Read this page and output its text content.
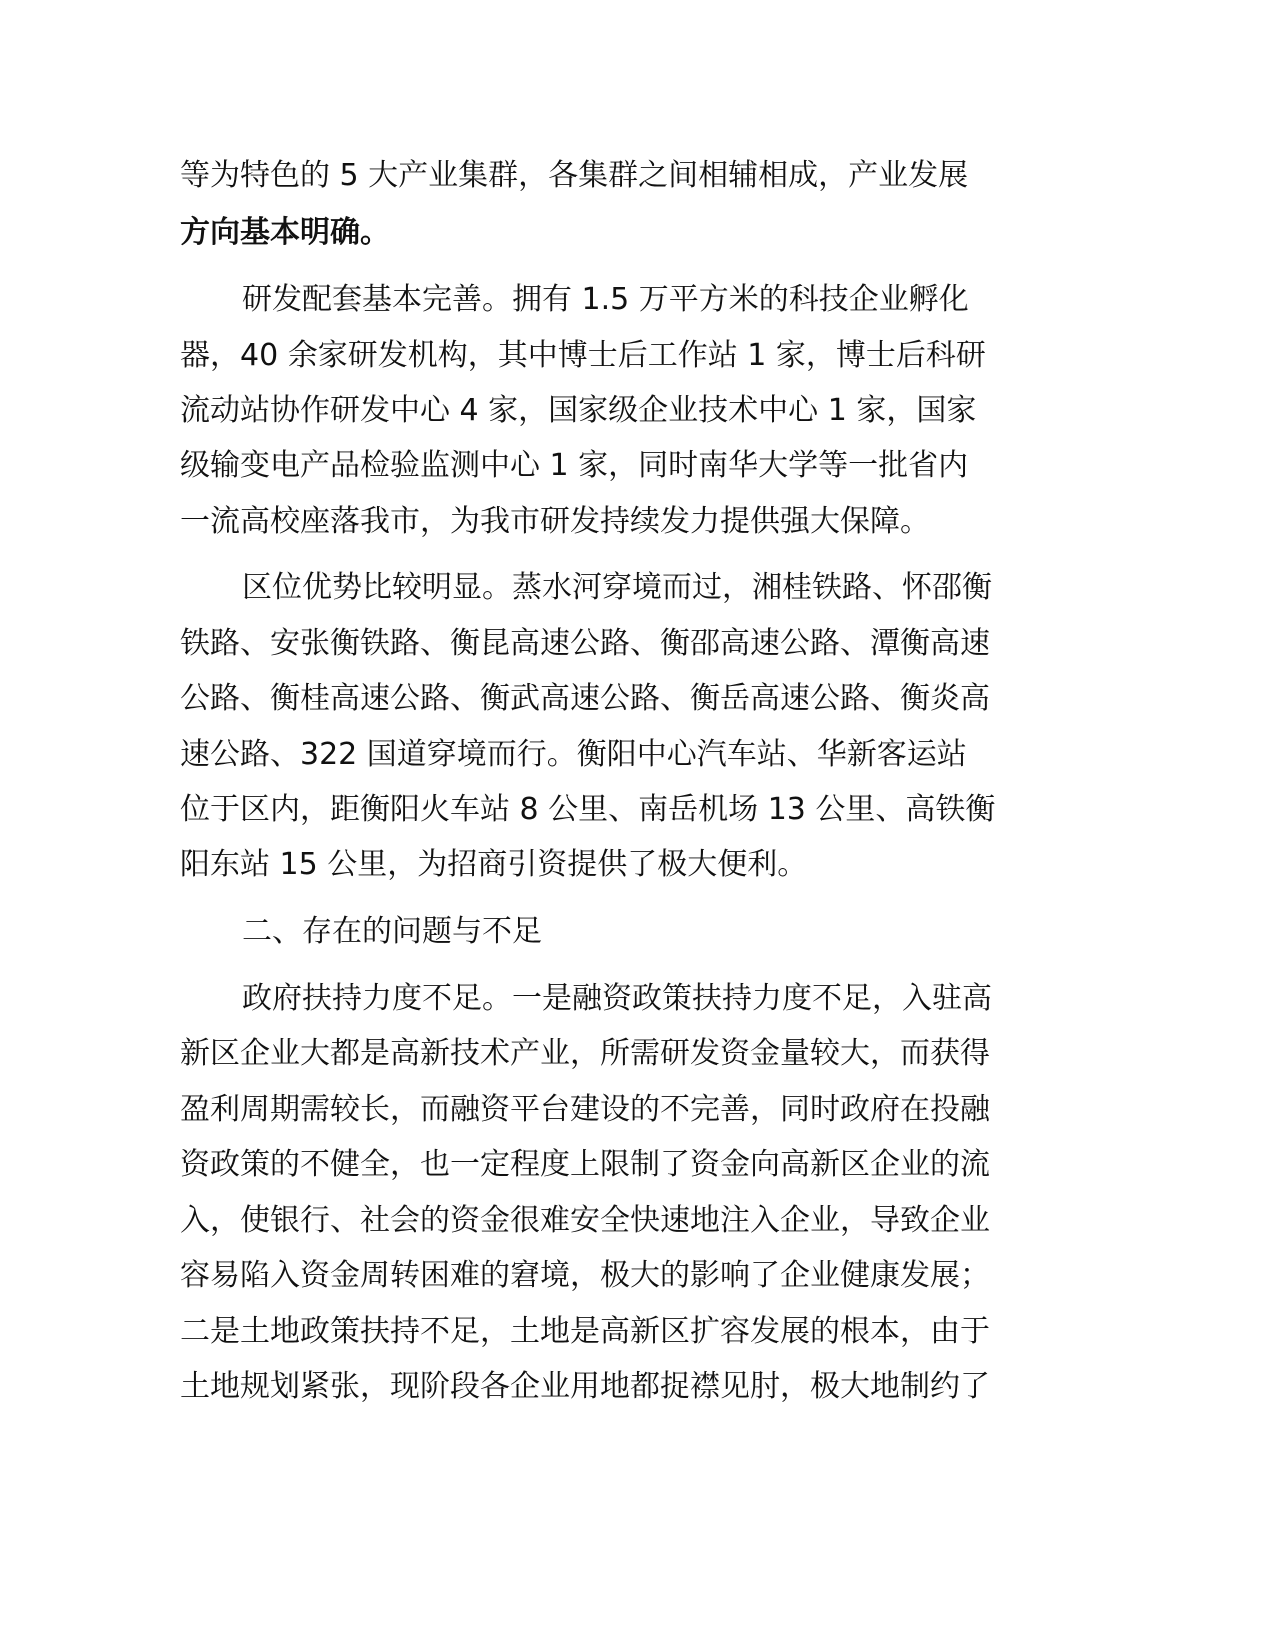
等为特色的 5 大产业集群，各集群之间相辅相成，产业发展
方向基本明确。
研发配套基本完善。拥有 1.5 万平方米的科技企业孵化
器，40 余家研发机构，其中博士后工作站 1 家，博士后科研
流动站协作研发中心 4 家，国家级企业技术中心 1 家，国家
级输变电产品检验监测中心 1 家，同时南华大学等一批省内
一流高校座落我市，为我市研发持续发力提供强大保障。
区位优势比较明显。蒸水河穿境而过，湘桂铁路、怀邵衡
铁路、安张衡铁路、衡昆高速公路、衡邵高速公路、潭衡高速
公路、衡桂高速公路、衡武高速公路、衡岳高速公路、衡炎高
速公路、322 国道穿境而行。衡阳中心汽车站、华新客运站
位于区内，距衡阳火车站 8 公里、南岳机场 13 公里、高铁衡
阳东站 15 公里，为招商引资提供了极大便利。
二、存在的问题与不足
政府扶持力度不足。一是融资政策扶持力度不足，入驻高
新区企业大都是高新技术产业，所需研发资金量较大，而获得
盈利周期需较长，而融资平台建设的不完善，同时政府在投融
资政策的不健全，也一定程度上限制了资金向高新区企业的流
入，使银行、社会的资金很难安全快速地注入企业，导致企业
容易陷入资金周转困难的窘境，极大的影响了企业健康发展；
二是土地政策扶持不足，土地是高新区扩容发展的根本，由于
土地规划紧张，现阶段各企业用地都捉襟见肘，极大地制约了
